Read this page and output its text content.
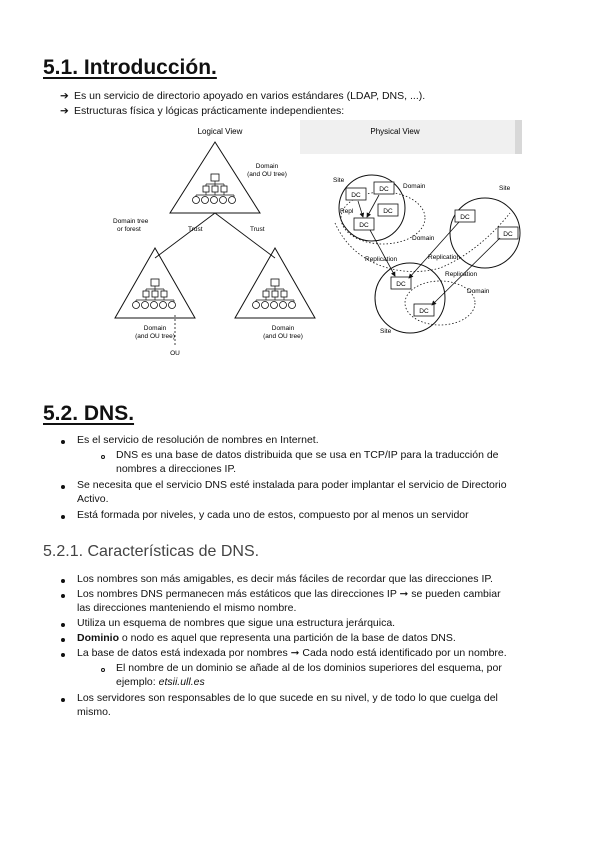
5.1. Introducción.
➔ Es un servicio de directorio apoyado en varios estándares (LDAP, DNS, ...).
➔ Estructuras física y lógicas prácticamente independientes:
Logical View	Physical View
Domain
(and OU tree)
Domain tree
or forest	Trust	Trust
Domain
(and OU tree)
Domain
(and OU tree)
OU
DC
DC
DC
DC
DC
DC
DC
DC
Site
Domain	Site
Domain
Repl
Replication	Replication
Replication
Domain
Site
5.2. DNS.
Es el servicio de resolución de nombres en Internet.
DNS es una base de datos distribuida que se usa en TCP/IP para la traducción de
nombres a direcciones IP.
Se necesita que el servicio DNS esté instalada para poder implantar el servicio de Directorio
Activo.
Está formada por niveles, y cada uno de estos, compuesto por al menos un servidor
5.2.1. Características de DNS.
Los nombres son más amigables, es decir más fáciles de recordar que las direcciones IP.
Los nombres DNS permanecen más estáticos que las direcciones IP ➞ se pueden cambiar
las direcciones manteniendo el mismo nombre.
Utiliza un esquema de nombres que sigue una estructura jerárquica.
Dominio o nodo es aquel que representa una partición de la base de datos DNS.
La base de datos está indexada por nombres ➞ Cada nodo está identificado por un nombre.
El nombre de un dominio se añade al de los dominios superiores del esquema, por
ejemplo: etsii.ull.es
Los servidores son responsables de lo que sucede en su nivel, y de todo lo que cuelga del
mismo.
